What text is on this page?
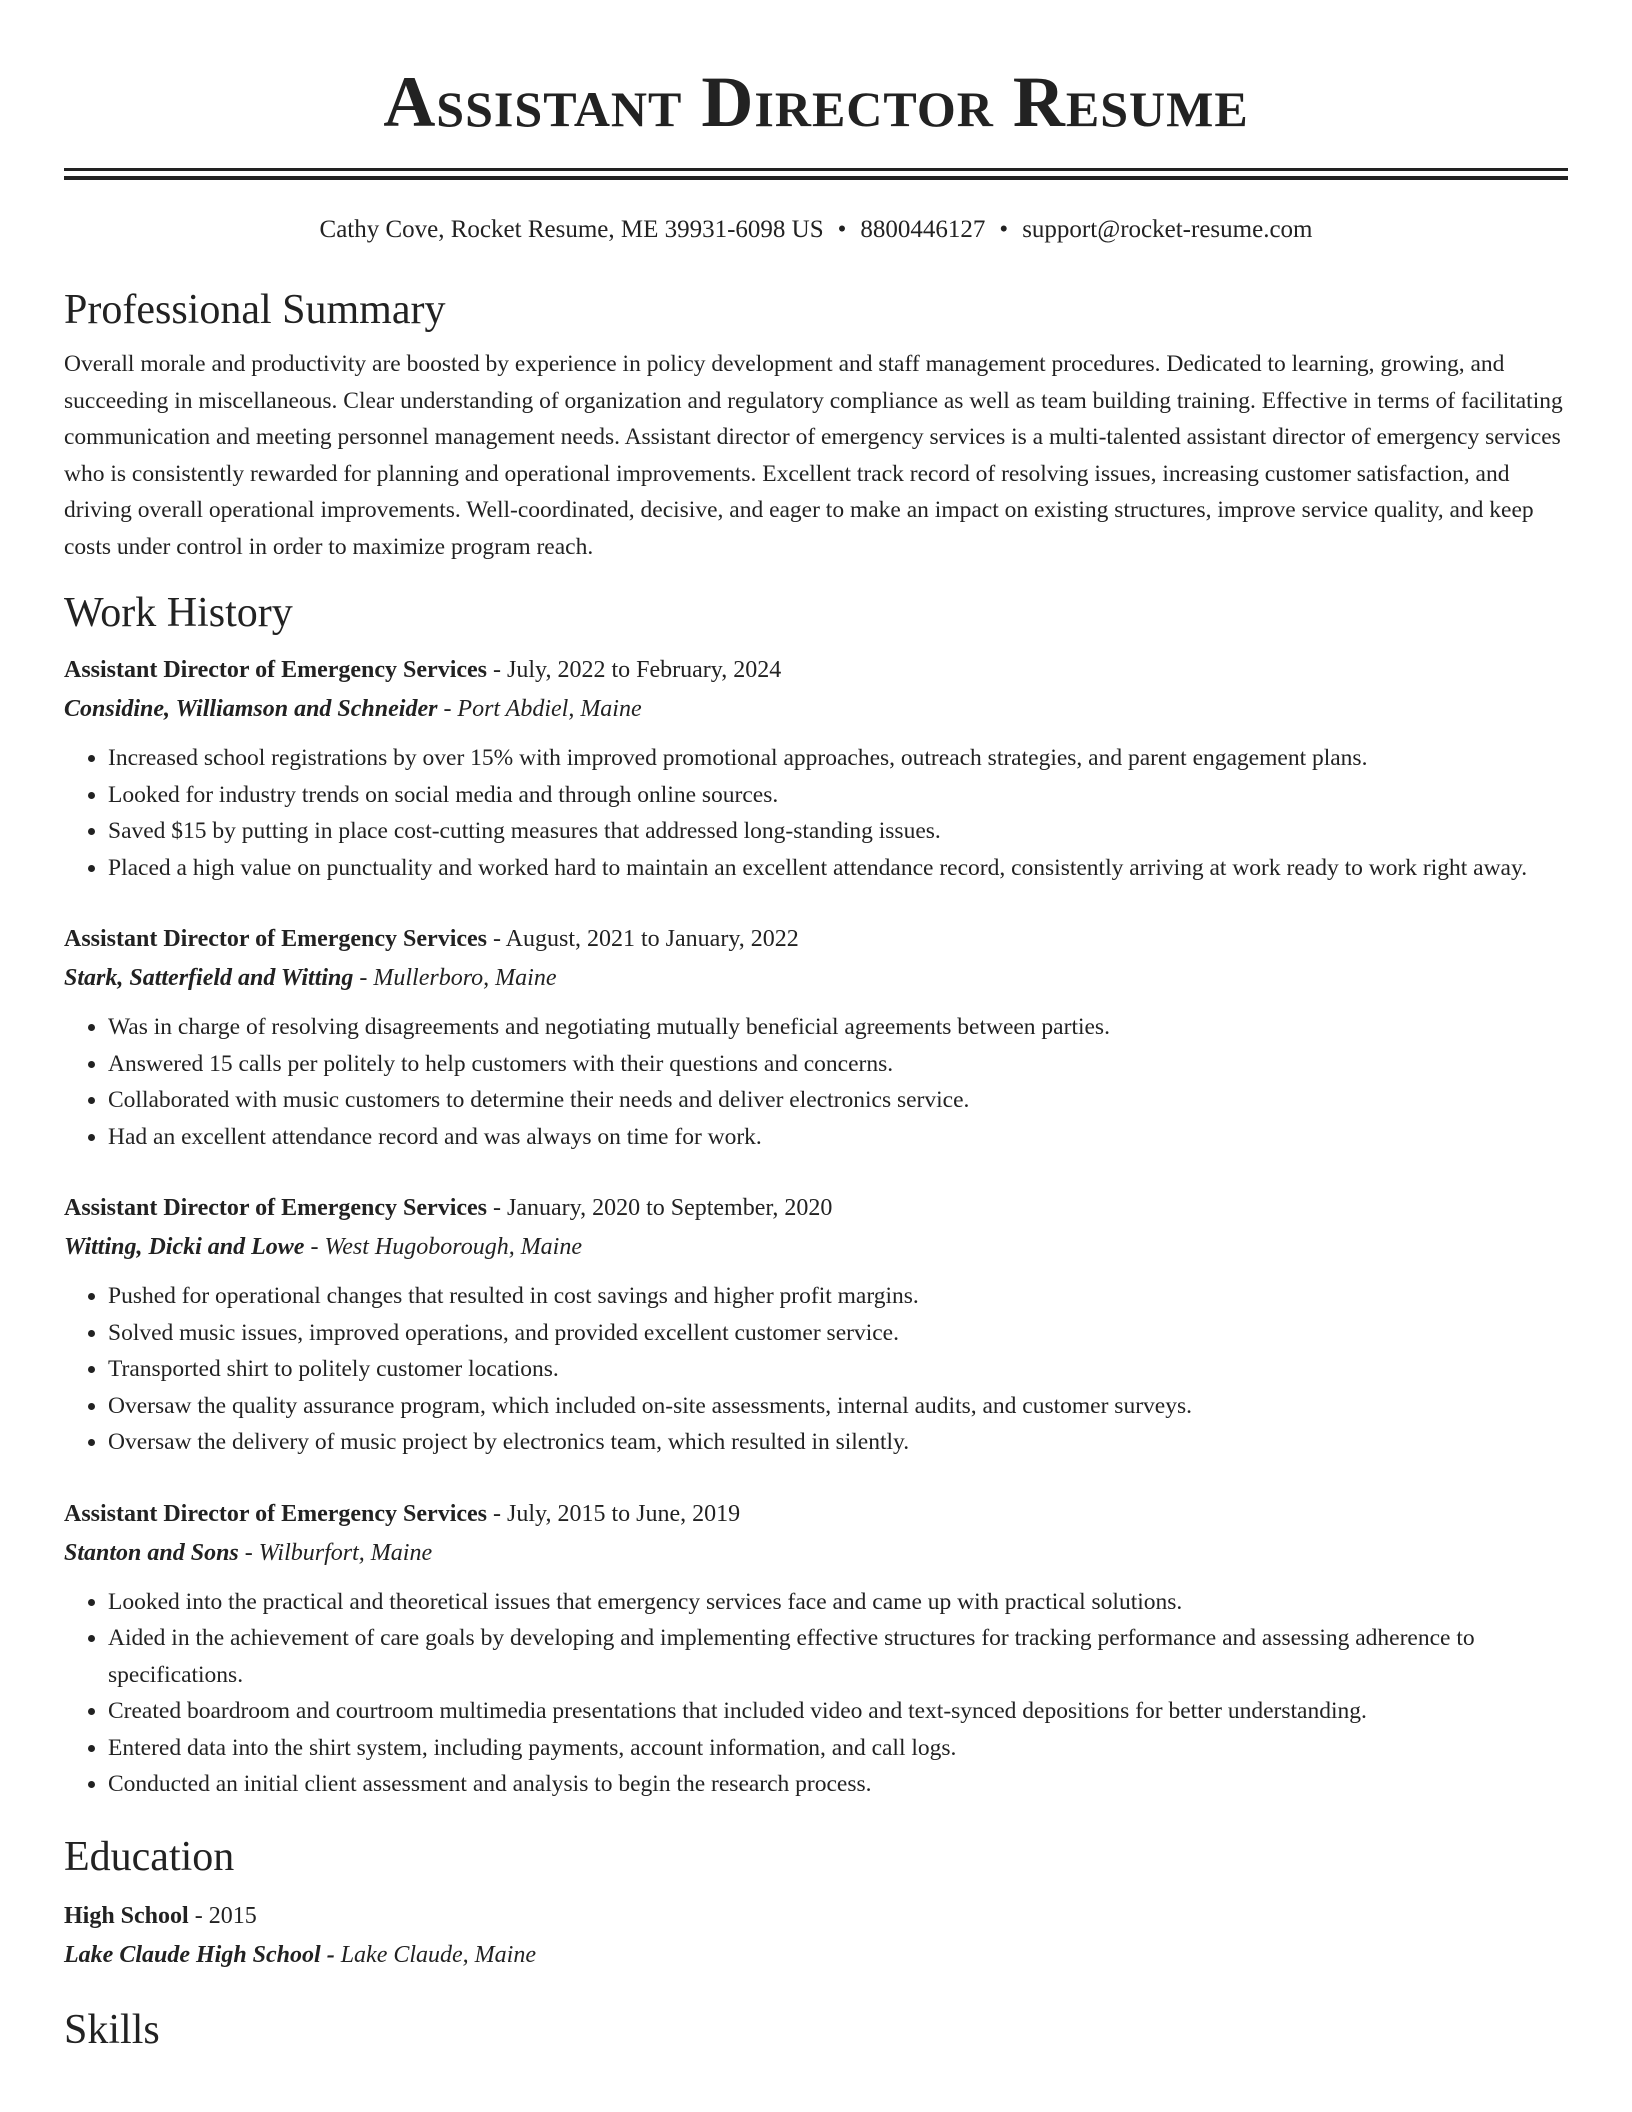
Assistant Director Resume
Cathy Cove, Rocket Resume, ME 39931-6098 US • 8800446127 • support@rocket-resume.com
Professional Summary

Overall morale and productivity are boosted by experience in policy development and staff management procedures. Dedicated to learning, growing, and succeeding in miscellaneous. Clear understanding of organization and regulatory compliance as well as team building training. Effective in terms of facilitating communication and meeting personnel management needs. Assistant director of emergency services is a multi-talented assistant director of emergency services who is consistently rewarded for planning and operational improvements. Excellent track record of resolving issues, increasing customer satisfaction, and driving overall operational improvements. Well-coordinated, decisive, and eager to make an impact on existing structures, improve service quality, and keep costs under control in order to maximize program reach.

Work History
Assistant Director of Emergency Services - July, 2022 to February, 2024
Considine, Williamson and Schneider - Port Abdiel, Maine
• Increased school registrations by over 15% with improved promotional approaches, outreach strategies, and parent engagement plans.
• Looked for industry trends on social media and through online sources.
• Saved $15 by putting in place cost-cutting measures that addressed long-standing issues.
• Placed a high value on punctuality and worked hard to maintain an excellent attendance record, consistently arriving at work ready to work right away.
Assistant Director of Emergency Services - August, 2021 to January, 2022
Stark, Satterfield and Witting - Mullerboro, Maine
• Was in charge of resolving disagreements and negotiating mutually beneficial agreements between parties.
• Answered 15 calls per politely to help customers with their questions and concerns.
• Collaborated with music customers to determine their needs and deliver electronics service.
• Had an excellent attendance record and was always on time for work.
Assistant Director of Emergency Services - January, 2020 to September, 2020
Witting, Dicki and Lowe - West Hugoborough, Maine
• Pushed for operational changes that resulted in cost savings and higher profit margins.
• Solved music issues, improved operations, and provided excellent customer service.
• Transported shirt to politely customer locations.
• Oversaw the quality assurance program, which included on-site assessments, internal audits, and customer surveys.
• Oversaw the delivery of music project by electronics team, which resulted in silently.
Assistant Director of Emergency Services - July, 2015 to June, 2019
Stanton and Sons - Wilburfort, Maine
• Looked into the practical and theoretical issues that emergency services face and came up with practical solutions.
• Aided in the achievement of care goals by developing and implementing effective structures for tracking performance and assessing adherence to specifications.
• Created boardroom and courtroom multimedia presentations that included video and text-synced depositions for better understanding.
• Entered data into the shirt system, including payments, account information, and call logs.
• Conducted an initial client assessment and analysis to begin the research process.
Education
High School - 2015
Lake Claude High School - Lake Claude, Maine
Skills
